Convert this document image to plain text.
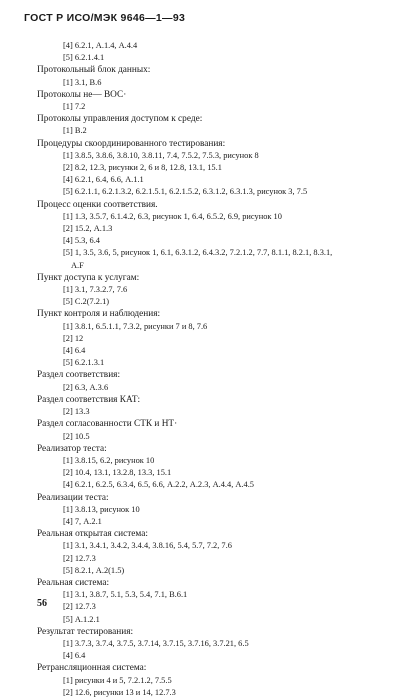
ГОСТ Р ИСО/МЭК 9646—1—93
[4] 6.2.1, А.1.4, А.4.4
[5] 6.2.1.4.1
Протокольный блок данных:
[1] 3.1, В.6
Протоколы не— ВОС·
[1] 7.2
Протоколы управления доступом к среде:
[1] В.2
Процедуры скоординированного тестирования:
[1] 3.8.5, 3.8.6, 3.8.10, 3.8.11, 7.4, 7.5.2, 7.5.3, рисунок 8
[2] 8.2, 12.3, рисунки 2, 6 и 8, 12.8, 13.1, 15.1
[4] 6.2.1, 6.4, 6.6, А.1.1
[5] 6.2.1.1, 6.2.1.3.2, 6.2.1.5.1, 6.2.1.5.2, 6.3.1.2, 6.3.1.3, рисунок 3, 7.5
Процесс оценки соответствия.
[1] 1.3, 3.5.7, 6.1.4.2, 6.3, рисунок 1, 6.4, 6.5.2, 6.9, рисунок 10
[2] 15.2, А.1.3
[4] 5.3, 6.4
[5] 1, 3.5, 3.6, 5, рисунок 1, 6.1, 6.3.1.2, 6.4.3.2, 7.2.1.2, 7.7, 8.1.1, 8.2.1, 8.3.1,
А.F
Пункт доступа к услугам:
[1] 3.1, 7.3.2.7, 7.6
[5] С.2(7.2.1)
Пункт контроля и наблюдения:
[1] 3.8.1, 6.5.1.1, 7.3.2, рисунки 7 и 8, 7.6
[2] 12
[4] 6.4
[5] 6.2.1.3.1
Раздел соответствия:
[2] 6.3, А.3.6
Раздел соответствия КАТ:
[2] 13.3
Раздел согласованности СТК и НТ·
[2] 10.5
Реализатор теста:
[1] 3.8.15, 6.2, рисунок 10
[2] 10.4, 13.1, 13.2.8, 13.3, 15.1
[4] 6.2.1, 6.2.5, 6.3.4, 6.5, 6.6, А.2.2, А.2.3, А.4.4, А.4.5
Реализации теста:
[1] 3.8.13, рисунок 10
[4] 7, А.2.1
Реальная открытая система:
[1] 3.1, 3.4.1, 3.4.2, 3.4.4, 3.8.16, 5.4, 5.7, 7.2, 7.6
[2] 12.7.3
[5] 8.2.1, А.2(1.5)
Реальная система:
[1] 3.1, 3.8.7, 5.1, 5.3, 5.4, 7.1, В.6.1
[2] 12.7.3
[5] А.1.2.1
Результат тестирования:
[1] 3.7.3, 3.7.4, 3.7.5, 3.7.14, 3.7.15, 3.7.16, 3.7.21, 6.5
[4] 6.4
Ретрансляционная система:
[1] рисунки 4 и 5, 7.2.1.2, 7.5.5
[2] 12.6, рисунки 13 и 14, 12.7.3
56
